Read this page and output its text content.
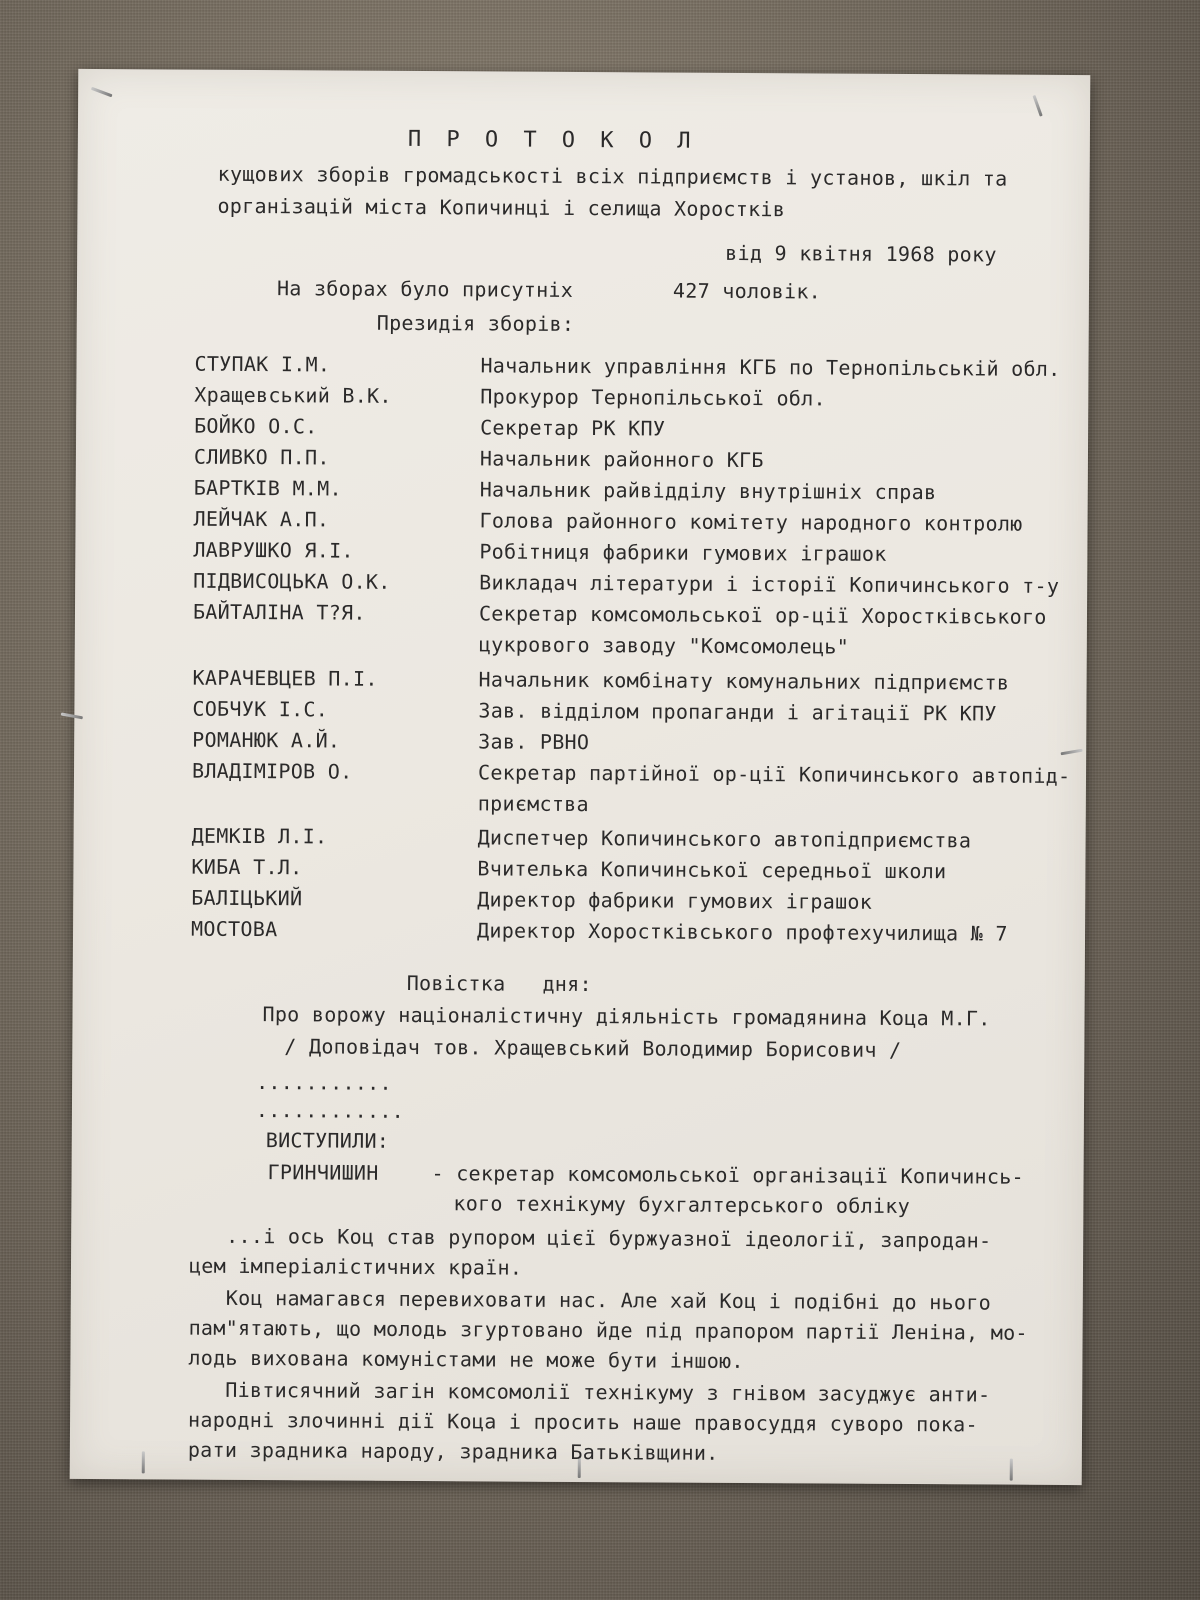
П Р О Т О К О Л
кущових зборів громадськості всіх підприємств і установ, шкіл та
організацій міста Копичинці і селища Хоросткiв
від 9 квітня 1968 року
На зборах було присутніх	427 чоловік.
Президія зборів:
СТУПАК І.М.	Начальник управління КГБ по Тернопільській обл.
Хращевський В.К.	Прокурор Тернопільської обл.
БОЙКО О.С.	Секретар РК КПУ
СЛИВКО П.П.	Начальник районного КГБ
БАРТКІВ М.М.	Начальник райвідділу внутрішніх справ
ЛЕЙЧАК А.П.	Голова районного комітету народного контролю
ЛАВРУШКО Я.І.	Робітниця фабрики гумових іграшок
ПІДВИСОЦЬКА О.К.	Викладач літератури і історії Копичинського т-у
БАЙТАЛІНА Т?Я.	Секретар комсомольської ор-ції Хоросткiвського
цукрового заводу "Комсомолець"
КАРАЧЕВЦЕВ П.І.	Начальник комбінату комунальних підприємств
СОБЧУК І.С.	Зав. відділом пропаганди і агітації РК КПУ
РОМАНЮК А.Й.	Зав. РВНО
ВЛАДІМІРОВ О.	Секретар партійної ор-ції Копичинського автопід-
приємства
ДЕМКІВ Л.І.	Диспетчер Копичинського автопідприємства
КИБА Т.Л.	Вчителька Копичинської середньої школи
БАЛІЦЬКИЙ	Директор фабрики гумових іграшок
МОСТОВА	Директор Хоросткiвського профтехучилища № 7
Повістка   дня:
Про ворожу націоналістичну діяльність громадянина Коца М.Г.
/ Доповідач тов. Хращевський Володимир Борисович /
...........
............
ВИСТУПИЛИ:
ГРИНЧИШИН	- секретар комсомольської організації Копичинсь-
кого технікуму бухгалтерського обліку
...і ось Коц став рупором цієї буржуазної ідеології, запродан-
цем імперіалістичних країн.
Коц намагався перевиховати нас. Але хай Коц і подібні до нього
пам"ятають, що молодь згуртовано йде під прапором партії Леніна, мо-
лодь вихована комуністами не може бути іншою.
Півтисячний загін комсомолії технікуму з гнівом засуджує анти-
народні злочинні дії Коца і просить наше правосуддя суворо пока-
рати зрадника народу, зрадника Батьківщини.
